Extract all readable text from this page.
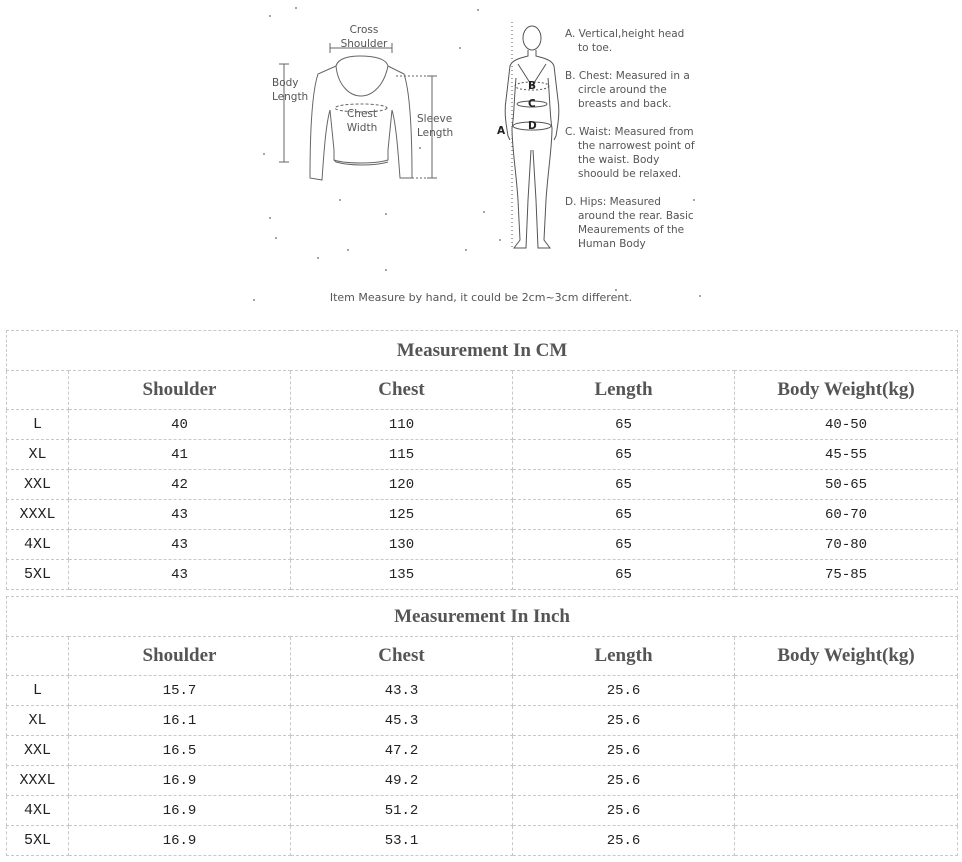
Cross
Shoulder
Body
Length
Chest
Width
Sleeve
Length	A
B
C
D
A. Vertical,height head to toe.
B. Chest: Measured in a circle around the breasts and back.
C. Waist: Measured from the narrowest point of the waist. Body shoould be relaxed.
D. Hips: Measured around the rear. Basic Meaurements of the Human Body
Item Measure by hand, it could be 2cm~3cm different.
Measurement In CM				
	Shoulder	Chest	Length	Body Weight(kg)
L	40	110	65	40-50
XL	41	115	65	45-55
XXL	42	120	65	50-65
XXXL	43	125	65	60-70
4XL	43	130	65	70-80
5XL	43	135	65	75-85
Measurement In Inch				
	Shoulder	Chest	Length	Body Weight(kg)
L	15.7	43.3	25.6	
XL	16.1	45.3	25.6	
XXL	16.5	47.2	25.6	
XXXL	16.9	49.2	25.6	
4XL	16.9	51.2	25.6	
5XL	16.9	53.1	25.6	
